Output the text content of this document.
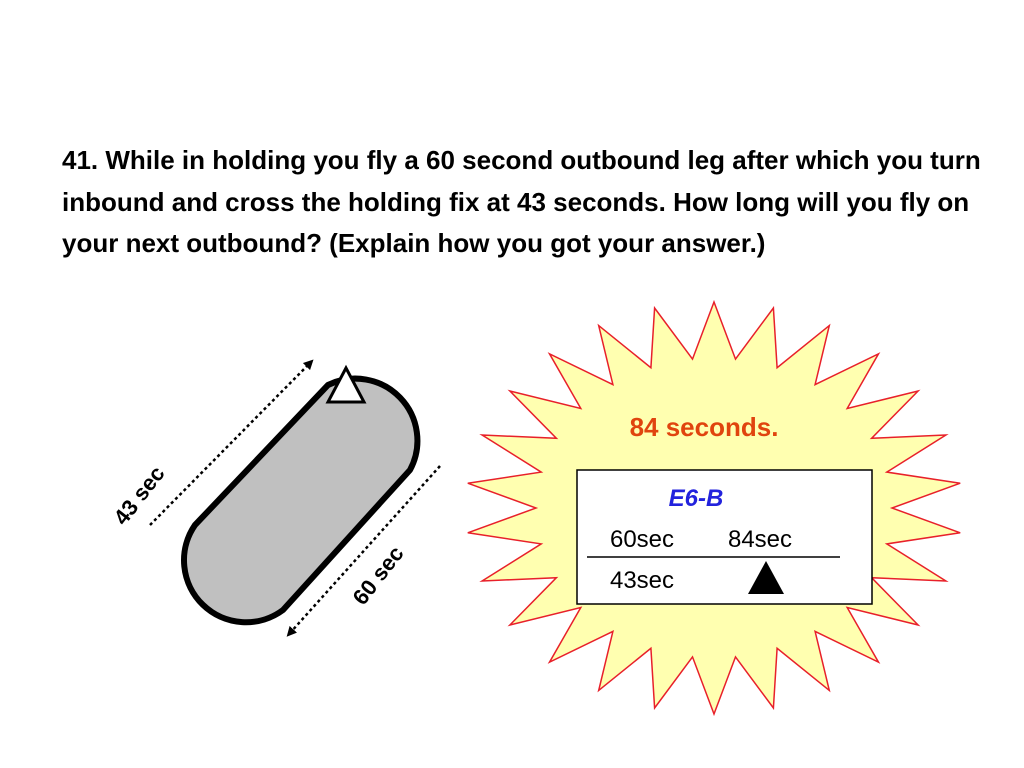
41. While in holding you fly a 60 second outbound leg after which you turn inbound and cross the holding fix at 43 seconds. How long will you fly on your next outbound? (Explain how you got your answer.)
43 sec
60 sec
84 seconds.
E6-B
60sec 84sec
43sec
